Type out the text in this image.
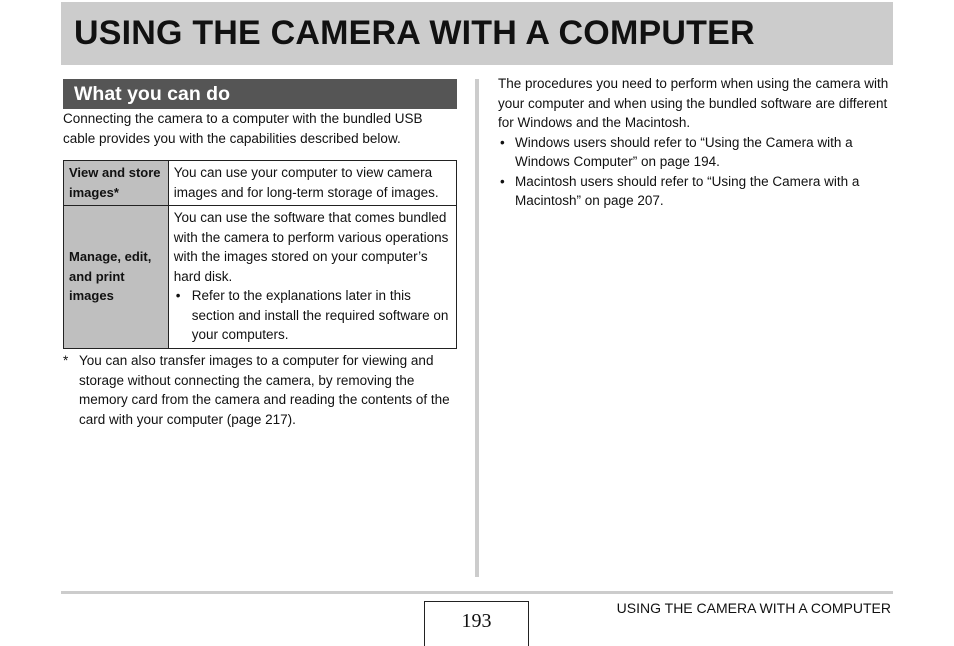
USING THE CAMERA WITH A COMPUTER
What you can do

Connecting the camera to a computer with the bundled USB cable provides you with the capabilities described below.

View and store images*	You can use your computer to view camera images and for long-term storage of images.
Manage, edit, and print images	You can use the software that comes bundled with the camera to perform various operations with the images stored on your computer’s hard disk.
• Refer to the explanations later in this section and install the required software on your computers.
* You can also transfer images to a computer for viewing and storage without connecting the camera, by removing the memory card from the camera and reading the contents of the card with your computer (page 217).

The procedures you need to perform when using the camera with your computer and when using the bundled software are different for Windows and the Macintosh.

• Windows users should refer to “Using the Camera with a Windows Computer” on page 194.
• Macintosh users should refer to “Using the Camera with a Macintosh” on page 207.
193
USING THE CAMERA WITH A COMPUTER
